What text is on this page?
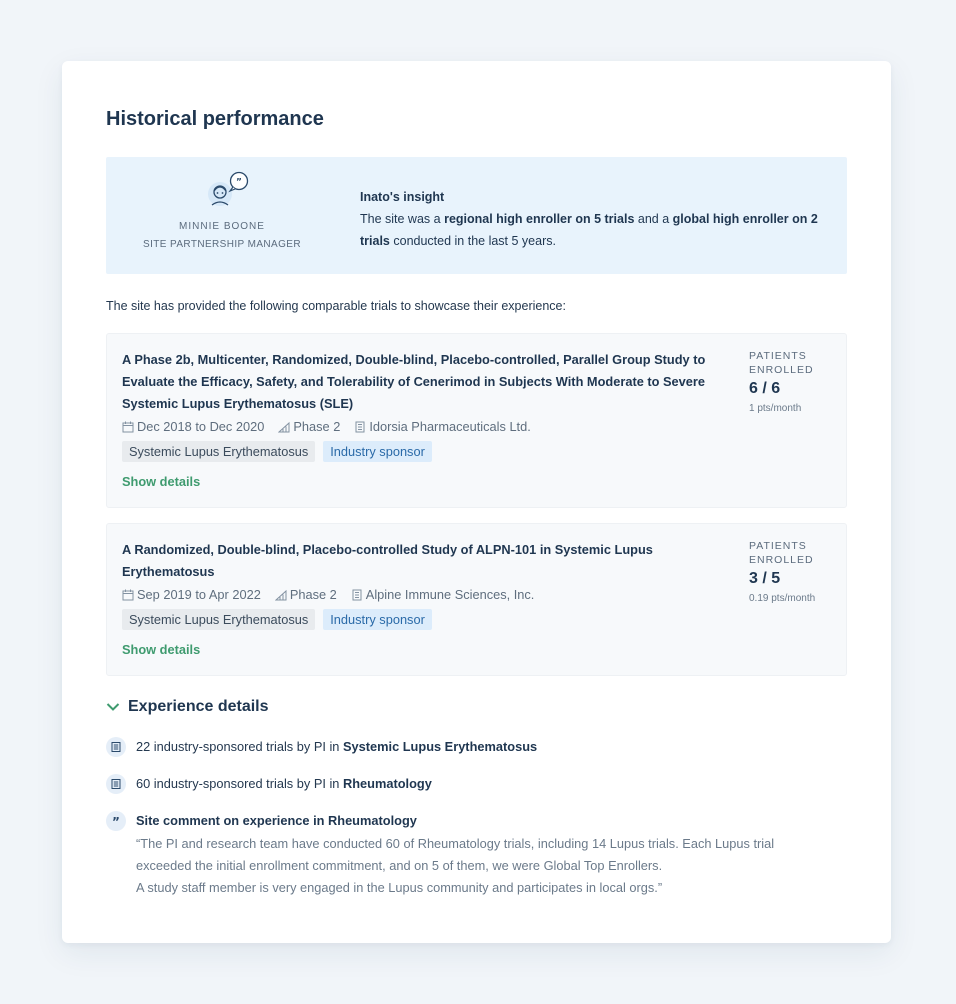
Historical performance
”
MINNIE BOONE
SITE PARTNERSHIP MANAGER
Inato's insight
The site was a regional high enroller on 5 trials and a global high enroller on 2 trials conducted in the last 5 years.
The site has provided the following comparable trials to showcase their experience:
A Phase 2b, Multicenter, Randomized, Double-blind, Placebo-controlled, Parallel Group Study to Evaluate the Efficacy, Safety, and Tolerability of Cenerimod in Subjects With Moderate to Severe Systemic Lupus Erythematosus (SLE)
Dec 2018 to Dec 2020 Phase 2 Idorsia Pharmaceuticals Ltd.
Systemic Lupus Erythematosus	Industry sponsor
Show details
PATIENTS
ENROLLED
6 / 6
1 pts/month
A Randomized, Double-blind, Placebo-controlled Study of ALPN-101 in Systemic Lupus Erythematosus
Sep 2019 to Apr 2022 Phase 2 Alpine Immune Sciences, Inc.
Systemic Lupus Erythematosus	Industry sponsor
Show details
PATIENTS
ENROLLED
3 / 5
0.19 pts/month
Experience details
22 industry-sponsored trials by PI in Systemic Lupus Erythematosus
60 industry-sponsored trials by PI in Rheumatology
” Site comment on experience in Rheumatology
“The PI and research team have conducted 60 of Rheumatology trials, including 14 Lupus trials. Each Lupus trial
exceeded the initial enrollment commitment, and on 5 of them, we were Global Top Enrollers.
A study staff member is very engaged in the Lupus community and participates in local orgs.”
